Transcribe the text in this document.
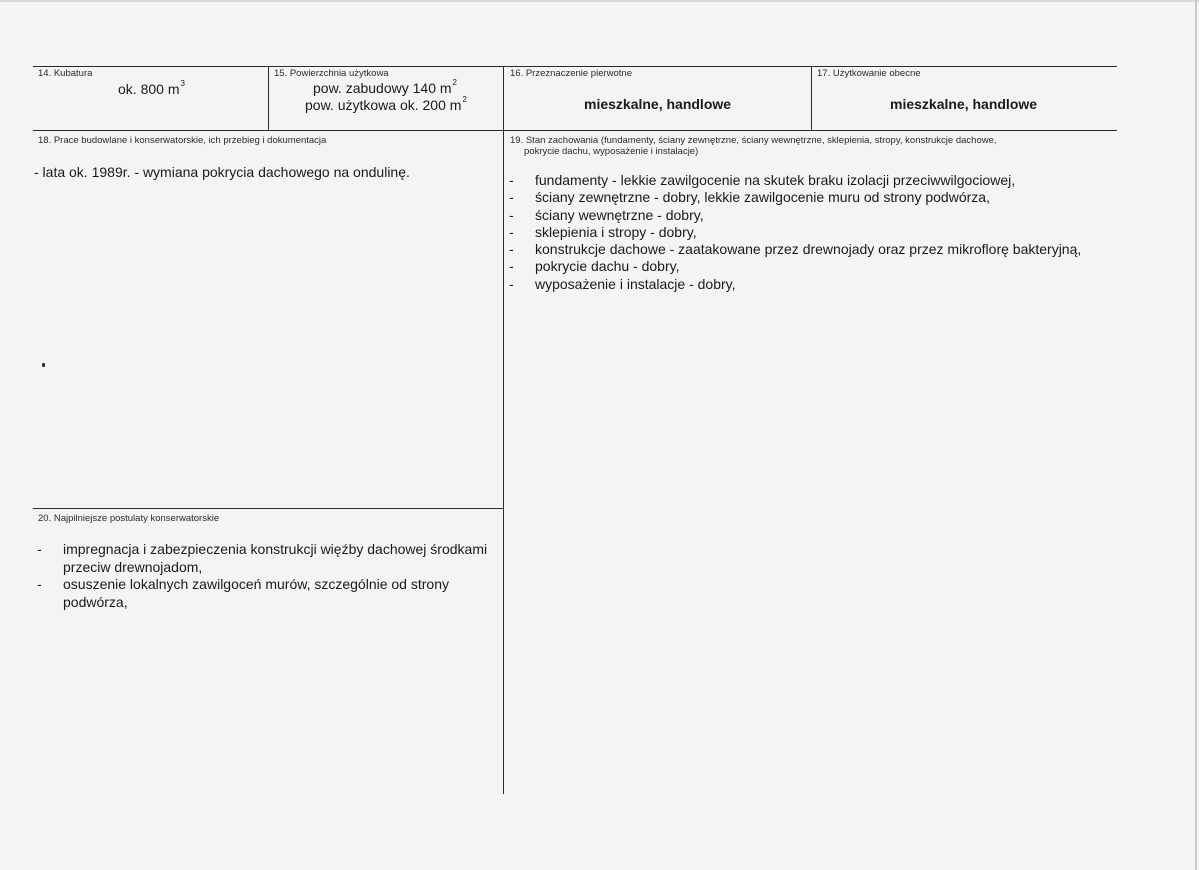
14. Kubatura
ok. 800 $m^3$
15. Powierzchnia użytkowa
pow. zabudowy 140 $m^2$
pow. użytkowa ok. 200 $m^2$
16. Przeznaczenie pierwotne
mieszkalne, handlowe
17. Użytkowanie obecne
mieszkalne, handlowe
18. Prace budowlane i konserwatorskie, ich przebieg i dokumentacja
- lata ok. 1989r. - wymiana pokrycia dachowego na ondulinę.
19. Stan zachowania (fundamenty, ściany zewnętrzne, ściany wewnętrzne, sklepienia, stropy, konstrukcje dachowe,
pokrycie dachu, wyposażenie i instalacje)
- fundamenty - lekkie zawilgocenie na skutek braku izolacji przeciwwilgociowej,
- ściany zewnętrzne - dobry, lekkie zawilgocenie muru od strony podwórza,
- ściany wewnętrzne - dobry,
- sklepienia i stropy - dobry,
- konstrukcje dachowe - zaatakowane przez drewnojady oraz przez mikroflorę bakteryjną,
- pokrycie dachu - dobry,
- wyposażenie i instalacje - dobry,
20. Najpilniejsze postulaty konserwatorskie
- impregnacja i zabezpieczenia konstrukcji więźby dachowej środkami przeciw drewnojadom,
- osuszenie lokalnych zawilgoceń murów, szczególnie od strony podwórza,
